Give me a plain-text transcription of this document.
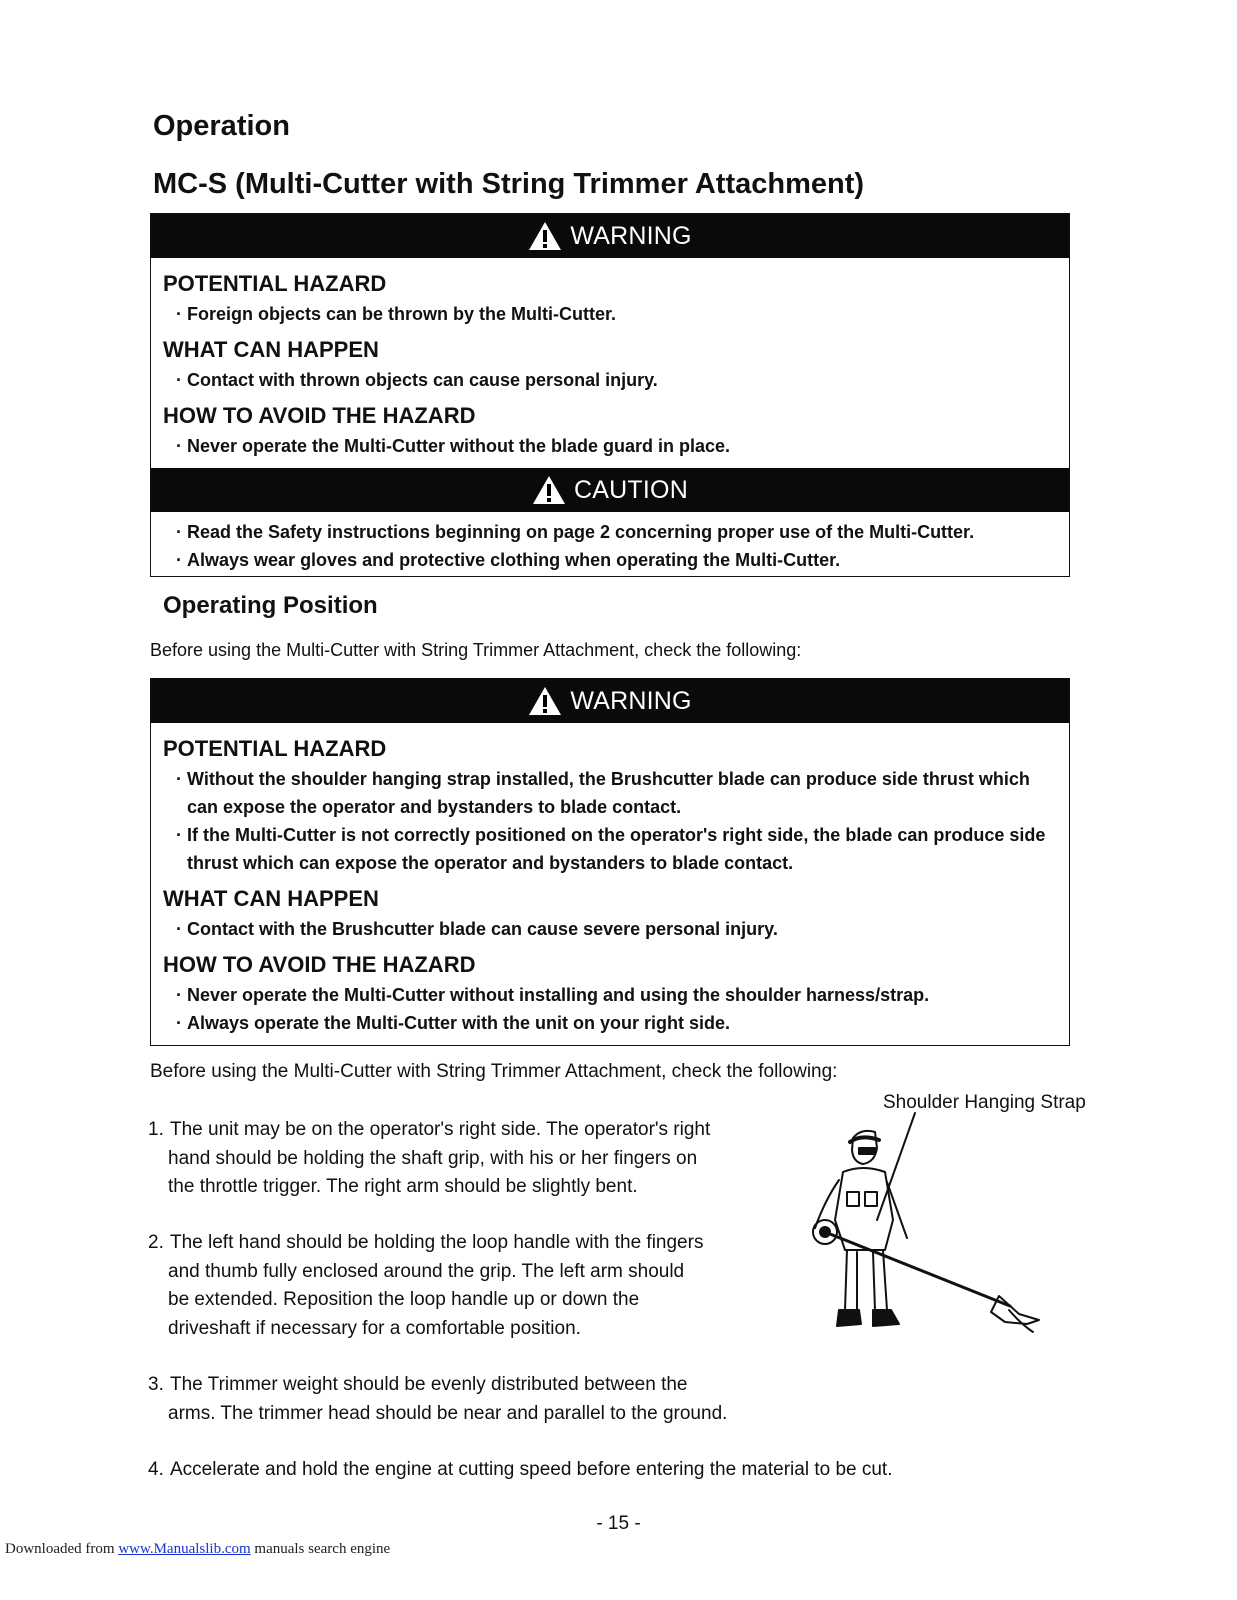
Operation
MC-S (Multi-Cutter with String Trimmer Attachment)
WARNING
POTENTIAL HAZARD
· Foreign objects can be thrown by the Multi-Cutter.
WHAT CAN HAPPEN
· Contact with thrown objects can cause personal injury.
HOW TO AVOID THE HAZARD
· Never operate the Multi-Cutter without the blade guard in place.
CAUTION
· Read the Safety instructions beginning on page 2 concerning proper use of the Multi-Cutter.
· Always wear gloves and protective clothing when operating the Multi-Cutter.
Operating Position
Before using the Multi-Cutter with String Trimmer Attachment, check the following:
WARNING
POTENTIAL HAZARD
· Without the shoulder hanging strap installed, the Brushcutter blade can produce side thrust which can expose the operator and bystanders to blade contact.
· If the Multi-Cutter is not correctly positioned on the operator's right side, the blade can produce side thrust which can expose the operator and bystanders to blade contact.
WHAT CAN HAPPEN
· Contact with the Brushcutter blade can cause severe personal injury.
HOW TO AVOID THE HAZARD
· Never operate the Multi-Cutter without installing and using the shoulder harness/strap.
· Always operate the Multi-Cutter with the unit on your right side.
Before using the Multi-Cutter with String Trimmer Attachment, check the following:
1. The unit may be on the operator's right side. The operator's right
hand should be holding the shaft grip, with his or her fingers on
the throttle trigger. The right arm should be slightly bent.
2. The left hand should be holding the loop handle with the fingers
and thumb fully enclosed around the grip. The left arm should
be extended. Reposition the loop handle up or down the
driveshaft if necessary for a comfortable position.
3. The Trimmer weight should be evenly distributed between the
arms. The trimmer head should be near and parallel to the ground.
4. Accelerate and hold the engine at cutting speed before entering the material to be cut.
Shoulder Hanging Strap
- 15 -
Downloaded from www.Manualslib.com manuals search engine
